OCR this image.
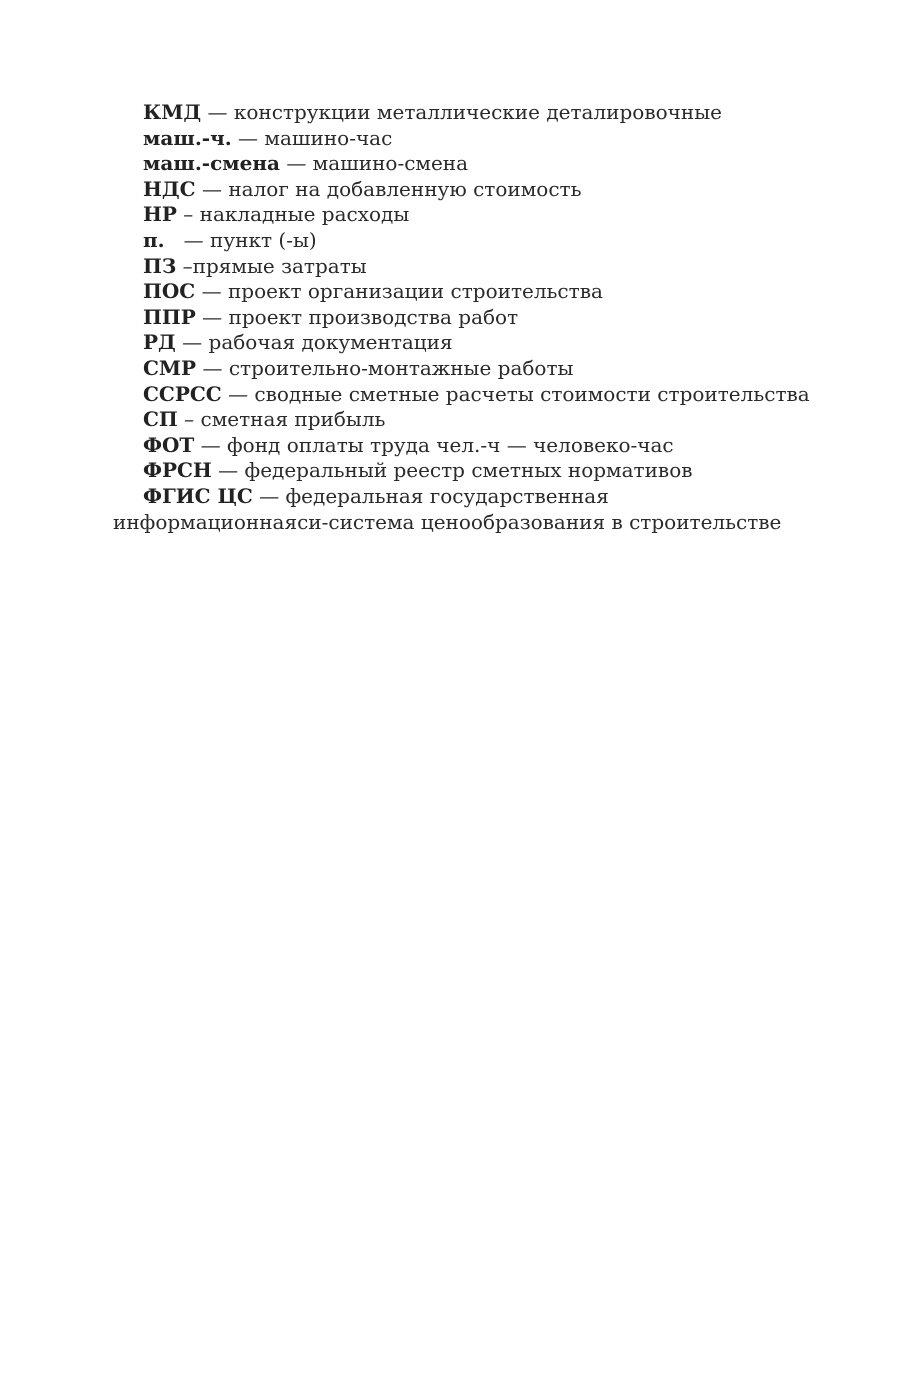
КМД — конструкции металлические деталировочные
маш.-ч. — машино-час
маш.-смена — машино-смена
НДС — налог на добавленную стоимость
НР – накладные расходы
п.   — пункт (-ы)
ПЗ –прямые затраты
ПОС — проект организации строительства
ППР — проект производства работ
РД — рабочая документация
СМР — строительно-монтажные работы
ССРСС — сводные сметные расчеты стоимости строительства
СП – сметная прибыль
ФОТ — фонд оплаты труда чел.-ч — человеко-час
ФРСН — федеральный реестр сметных нормативов
ФГИС ЦС — федеральная государственная информационнаяси-система ценообразования в строительстве
